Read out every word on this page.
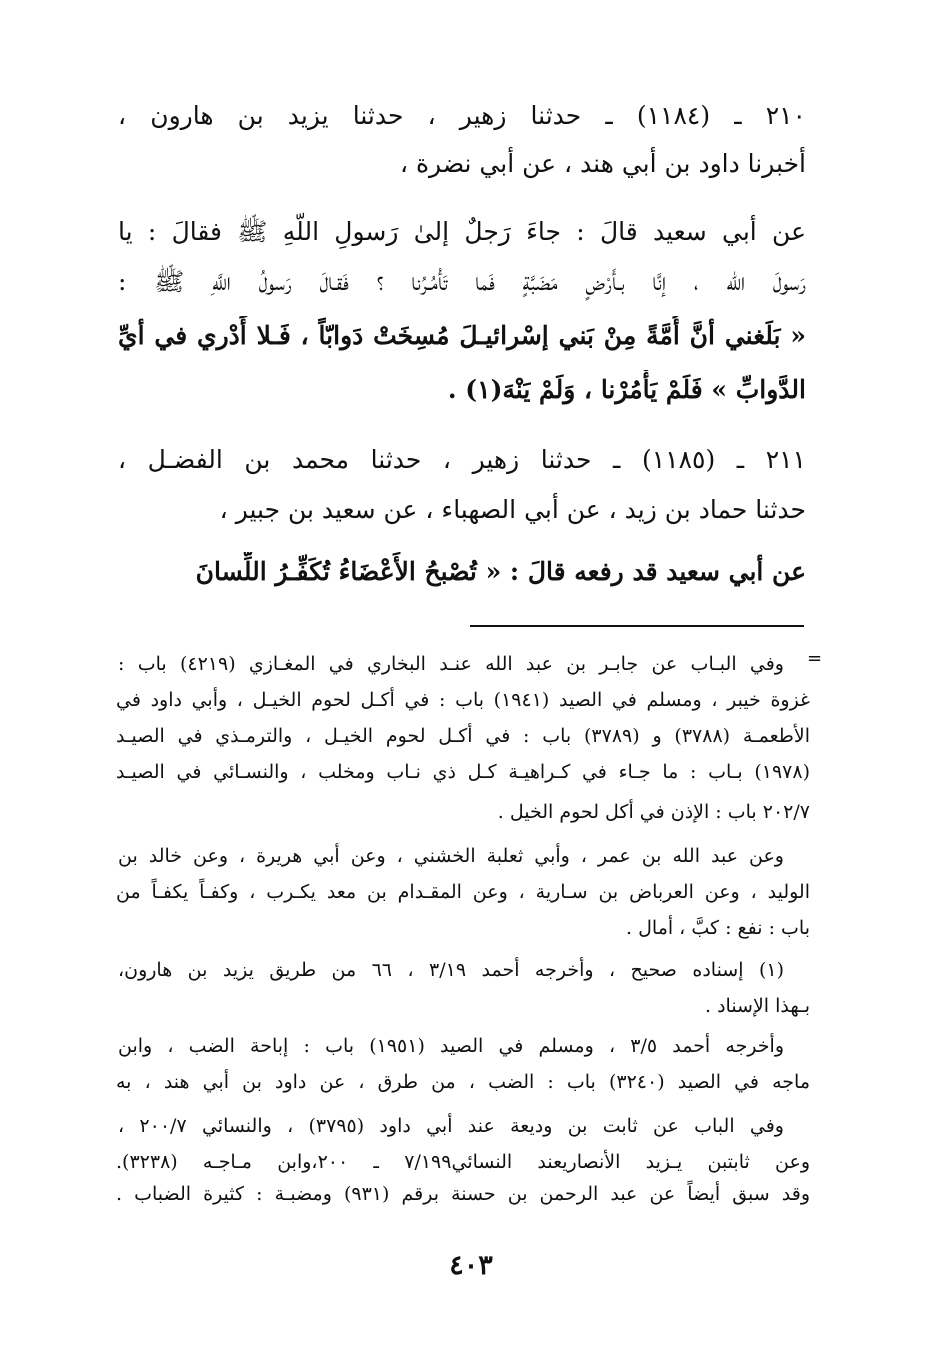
٢١٠ ـ (١١٨٤) ـ حدثنا زهير ، حدثنا يزيد بن هارون ،
أخبرنا داود بن أبي هند ، عن أبي نضرة ،
عن أبي سعيد قالَ : جاءَ رَجلٌ إلىٰ رَسولِ اللَّهِ ﷺ فقالَ : يا
رَسولَ الله ، إنَّا بـأَرْضٍ مَضَبَّةٍ فَما تَأْمُـرُنا ؟ فَقـالَ رَسولُ اللَّهِ ﷺ :
« بَلَغني أنَّ أُمَّةً مِنْ بَني إسْرائيـلَ مُسِخَتْ دَوابّاً ، فَـلا أَدْري في أيِّ
الدَّوابِّ » فَلَمْ يَأْمُرْنا ، وَلَمْ يَنْهَ(١) .
٢١١ ـ (١١٨٥) ـ حدثنا زهير ، حدثنا محمد بن الفضـل ،
حدثنا حماد بن زيد ، عن أبي الصهباء ، عن سعيد بن جبير ،
عن أبي سعيد قد رفعه قالَ : « تُصْبحُ الأَعْضَاءُ تُكَفِّـرُ اللِّسانَ
=
وفي البـاب عن جابـر بن عبد الله عنـد البخاري في المغـازي (٤٢١٩) باب :
غزوة خيبر ، ومسلم في الصيد (١٩٤١) باب : في أكـل لحوم الخيـل ، وأبي داود في
الأطعمـة (٣٧٨٨) و (٣٧٨٩) باب : في أكـل لحوم الخيـل ، والترمـذي في الصيـد
(١٩٧٨) بـاب : ما جـاء في كـراهيـة كـل ذي نـاب ومخلب ، والنسـائي في الصيـد
٢٠٢/٧ باب : الإذن في أكل لحوم الخيل .
وعن عبد الله بن عمر ، وأبي ثعلبة الخشني ، وعن أبي هريرة ، وعن خالد بن
الوليد ، وعن العرباض بن سـارية ، وعن المقـدام بن معد يكـرب ، وكفـاً يكفـاً من
باب : نفع : كبَّ ، أمال .
(١) إسناده صحيح ، وأخرجه أحمد ٣/١٩ ، ٦٦ من طريق يزيد بن هارون،
بـهذا الإسناد .
وأخرجه أحمد ٣/٥ ، ومسلم في الصيد (١٩٥١) باب : إباحة الضب ، وابن
ماجه في الصيد (٣٢٤٠) باب : الضب ، من طرق ، عن داود بن أبي هند ، به
وفي الباب عن ثابت بن وديعة عند أبي داود (٣٧٩٥) ، والنسائي ٢٠٠/٧ ،
وعن ثابتبن يـزيد الأنصاريعند النسائي٧/١٩٩ ـ ٢٠٠،وابن مـاجـه (٣٢٣٨).
وقد سبق أيضاً عن عبد الرحمن بن حسنة برقم (٩٣١) ومضبـة : كثيرة الضباب .
٤٠٣
